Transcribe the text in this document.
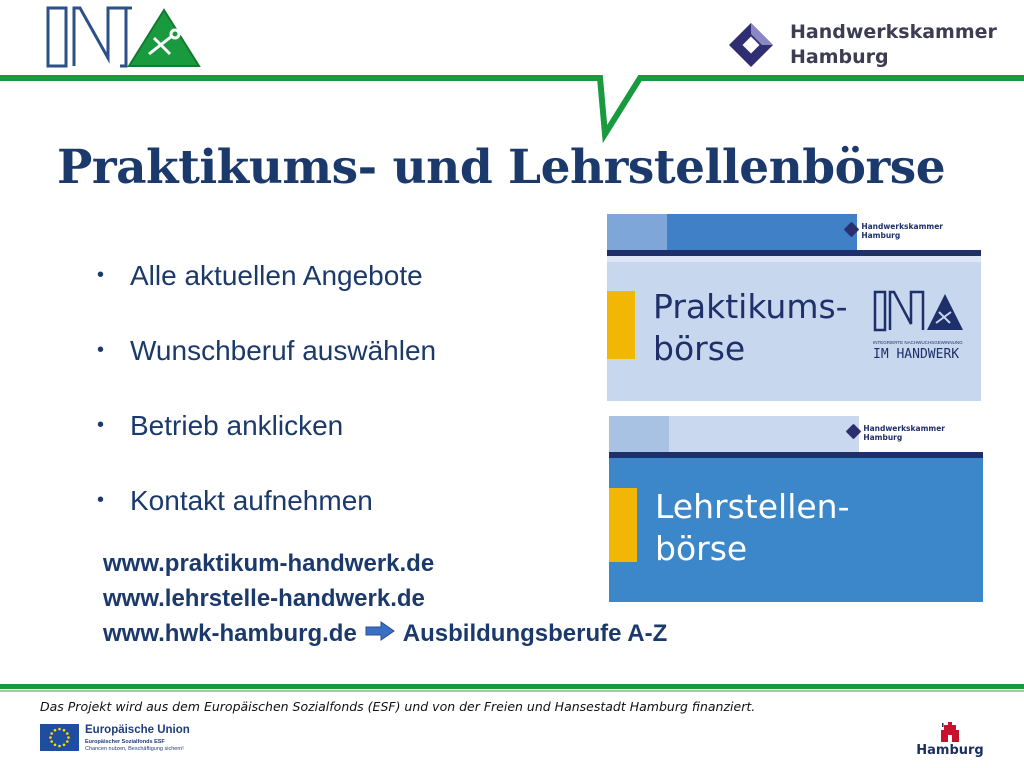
Handwerkskammer
Hamburg
Praktikums- und Lehrstellenbörse
• Alle aktuellen Angebote
• Wunschberuf auswählen
• Betrieb anklicken
• Kontakt aufnehmen
www.praktikum-handwerk.de
www.lehrstelle-handwerk.de
www.hwk-hamburg.de Ausbildungsberufe A-Z
Handwerkskammer
Hamburg
Praktikums-
börse	INTEGRIERTE NACHWUCHSGEWINNUNG
IM HANDWERK
Handwerkskammer
Hamburg
Lehrstellen-
börse
Das Projekt wird aus dem Europäischen Sozialfonds (ESF) und von der Freien und Hansestadt Hamburg finanziert.
Europäische Union
Europäischer Sozialfonds ESF
Chancen nutzen, Beschäftigung sichern!	Hamburg
